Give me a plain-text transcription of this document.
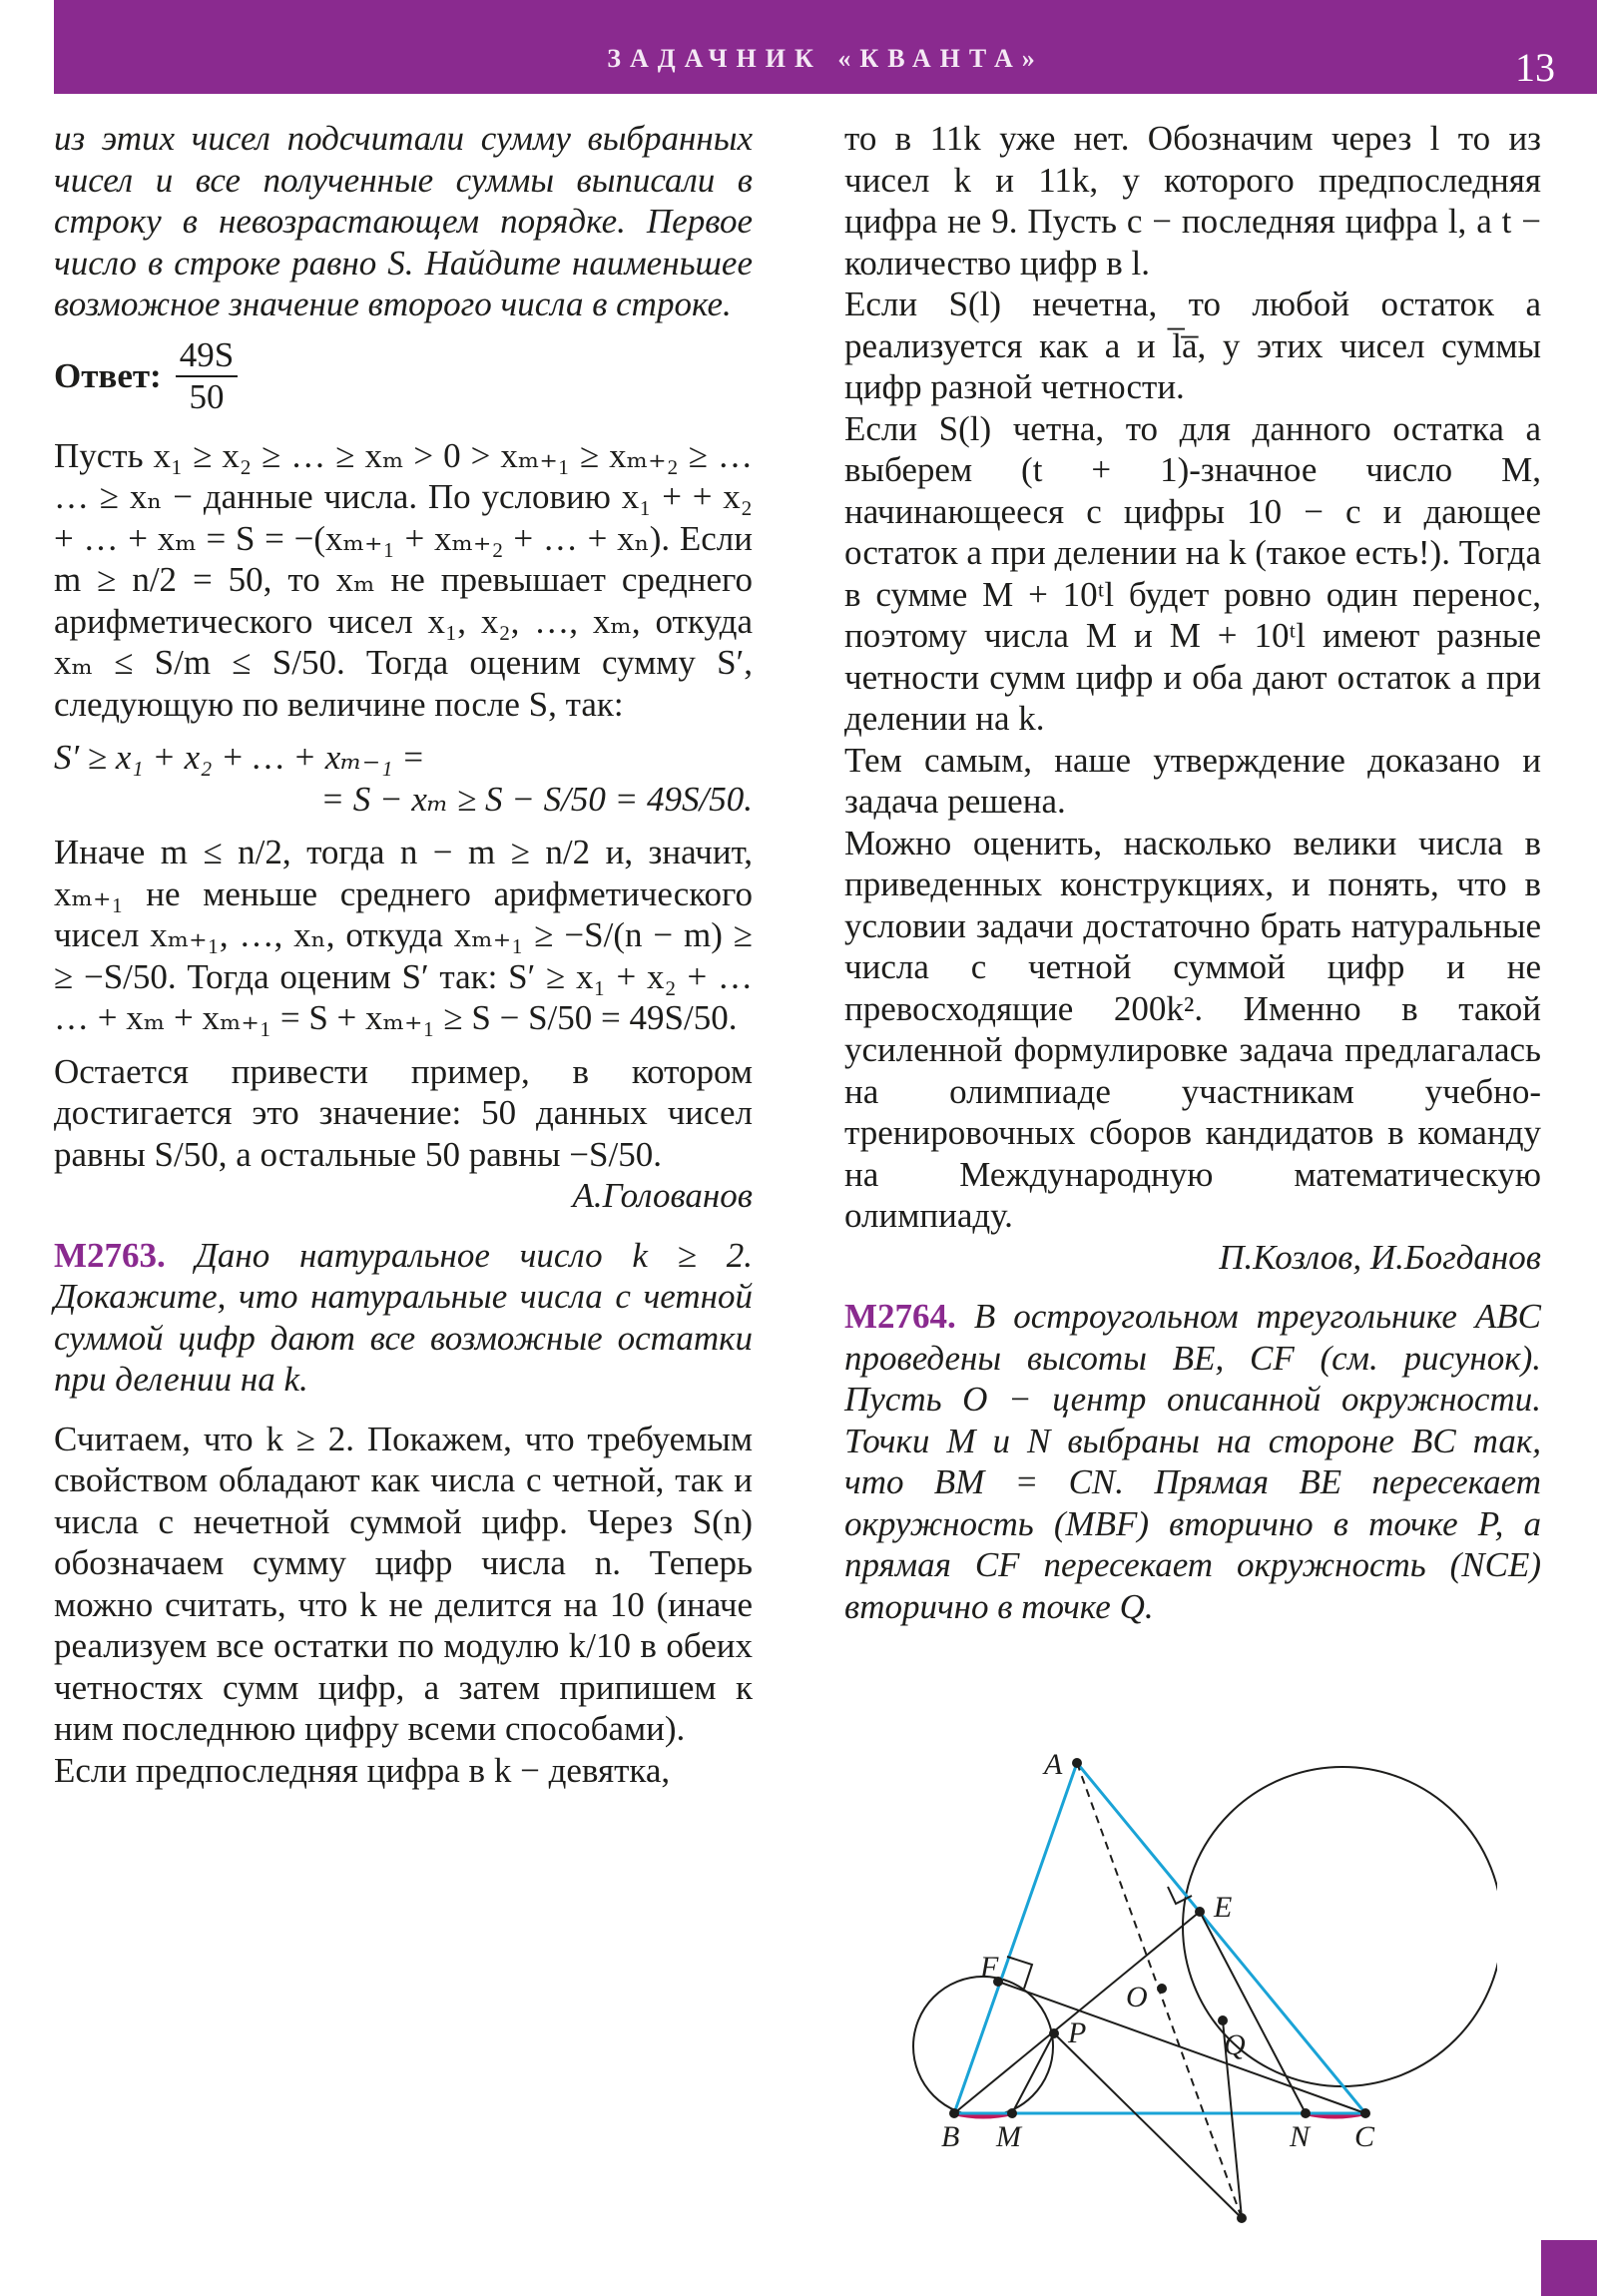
ЗАДАЧНИК «КВАНТА»	13

из этих чисел подсчитали сумму выбранных чисел и все полученные суммы выписали в строку в невозрастающем порядке. Первое число в строке равно S. Найдите наименьшее возможное значение второго числа в строке.

Ответ: $\frac{49S}{50}$

Пусть x₁ ≥ x₂ ≥ … ≥ xₘ > 0 > xₘ₊₁ ≥ xₘ₊₂ ≥ … … ≥ xₙ − данные числа. По условию x₁ + + x₂ + … + xₘ = S = −(xₘ₊₁ + xₘ₊₂ + … + xₙ). Если m ≥ n/2 = 50, то xₘ не превышает среднего арифметического чисел x₁, x₂, …, xₘ, откуда xₘ ≤ S/m ≤ S/50. Тогда оценим сумму S′, следующую по величине после S, так:

S′ ≥ x₁ + x₂ + … + xₘ₋₁ =

= S − xₘ ≥ S − S/50 = 49S/50.

Иначе m ≤ n/2, тогда n − m ≥ n/2 и, значит, xₘ₊₁ не меньше среднего арифметического чисел xₘ₊₁, …, xₙ, откуда xₘ₊₁ ≥ −S/(n − m) ≥ ≥ −S/50. Тогда оценим S′ так: S′ ≥ x₁ + x₂ + … … + xₘ + xₘ₊₁ = S + xₘ₊₁ ≥ S − S/50 = 49S/50.

Остается привести пример, в котором достигается это значение: 50 данных чисел равны S/50, а остальные 50 равны −S/50.

А.Голованов

М2763. Дано натуральное число k ≥ 2. Докажите, что натуральные числа с четной суммой цифр дают все возможные остатки при делении на k.

Считаем, что k ≥ 2. Покажем, что требуемым свойством обладают как числа с четной, так и числа с нечетной суммой цифр. Через S(n) обозначаем сумму цифр числа n. Теперь можно считать, что k не делится на 10 (иначе реализуем все остатки по модулю k/10 в обеих четностях сумм цифр, а затем припишем к ним последнюю цифру всеми способами).

Если предпоследняя цифра в k − девятка,

то в 11k уже нет. Обозначим через l то из чисел k и 11k, у которого предпоследняя цифра не 9. Пусть c − последняя цифра l, а t − количество цифр в l.

Если S(l) нечетна, то любой остаток a реализуется как a и l̅a̅, у этих чисел суммы цифр разной четности.

Если S(l) четна, то для данного остатка a выберем (t + 1)-значное число M, начинающееся с цифры 10 − c и дающее остаток a при делении на k (такое есть!). Тогда в сумме M + 10ᵗl будет ровно один перенос, поэтому числа M и M + 10ᵗl имеют разные четности сумм цифр и оба дают остаток a при делении на k.

Тем самым, наше утверждение доказано и задача решена.

Можно оценить, насколько велики числа в приведенных конструкциях, и понять, что в условии задачи достаточно брать натуральные числа с четной суммой цифр и не превосходящие 200k². Именно в такой усиленной формулировке задача предлагалась на олимпиаде участникам учебно-тренировочных сборов кандидатов в команду на Международную математическую олимпиаду.

П.Козлов, И.Богданов

М2764. В остроугольном треугольнике ABC проведены высоты BE, CF (см. рисунок). Пусть O − центр описанной окружности. Точки M и N выбраны на стороне BC так, что BM = CN. Прямая BE пересекает окружность (MBF) вторично в точке P, а прямая CF пересекает окружность (NCE) вторично в точке Q.

A
B	C
E
F
M	N
O
P	Q
